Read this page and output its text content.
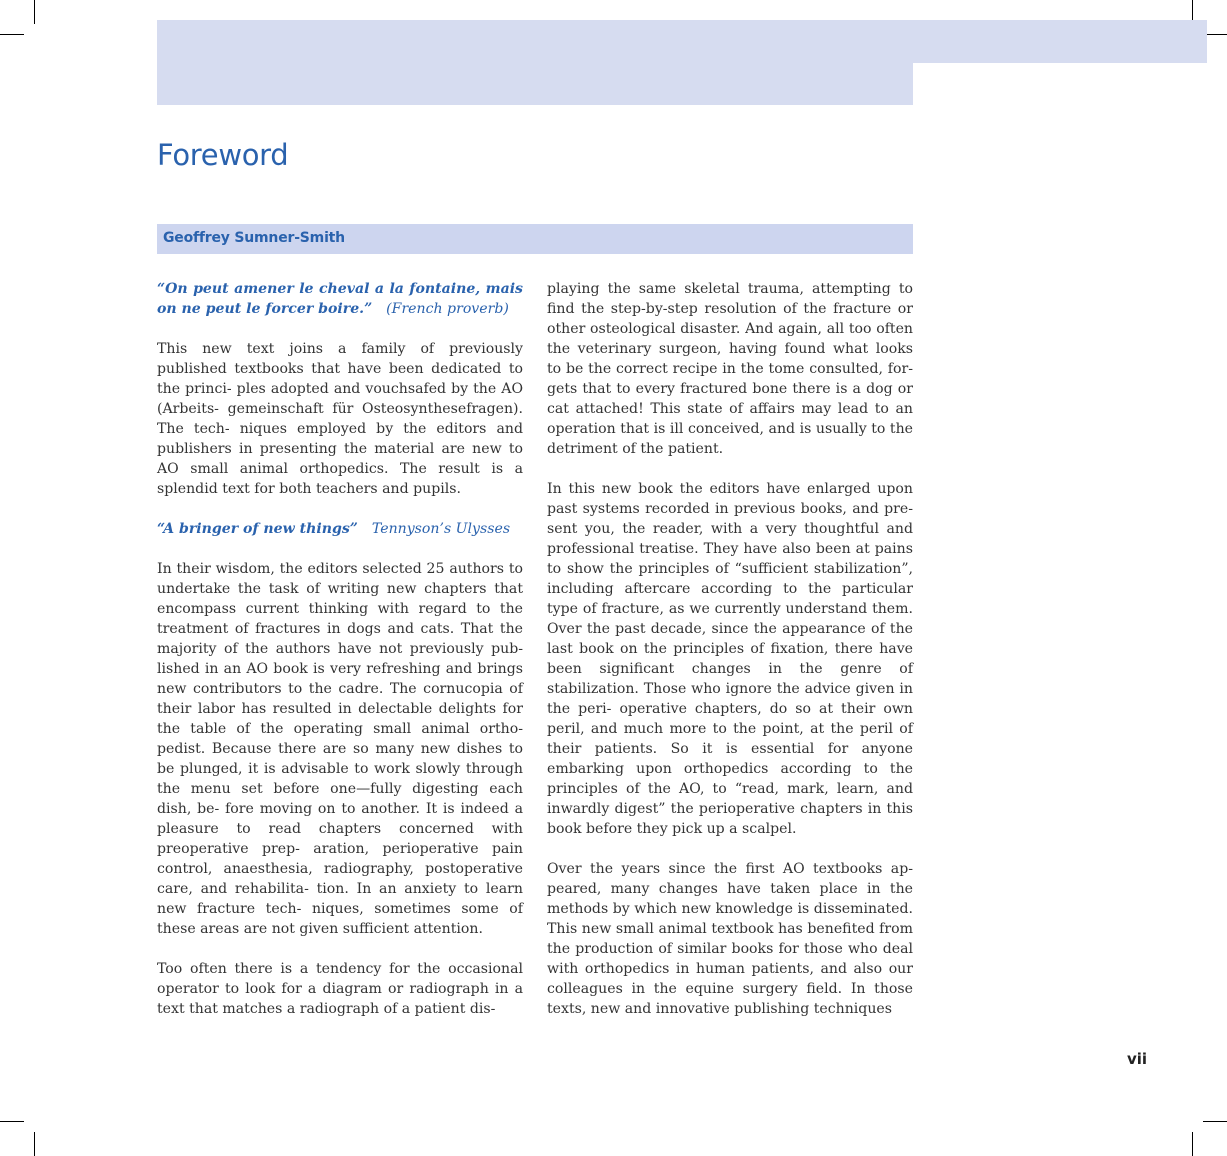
Foreword
Geoffrey Sumner-Smith

“On peut amener le cheval a la fontaine, mais on ne peut le forcer boire.” (French proverb)

This new text joins a family of previously published textbooks that have been dedicated to the princi- ples adopted and vouchsafed by the AO (Arbeits- gemeinschaft für Osteosynthesefragen). The tech- niques employed by the editors and publishers in presenting the material are new to AO small animal orthopedics. The result is a splendid text for both teachers and pupils.

“A bringer of new things” Tennyson’s Ulysses

In their wisdom, the editors selected 25 authors to undertake the task of writing new chapters that encompass current thinking with regard to the treatment of fractures in dogs and cats. That the majority of the authors have not previously pub- lished in an AO book is very refreshing and brings new contributors to the cadre. The cornucopia of their labor has resulted in delectable delights for the table of the operating small animal ortho- pedist. Because there are so many new dishes to be plunged, it is advisable to work slowly through the menu set before one—fully digesting each dish, be- fore moving on to another. It is indeed a pleasure to read chapters concerned with preoperative prep- aration, perioperative pain control, anaesthesia, radiography, postoperative care, and rehabilita- tion. In an anxiety to learn new fracture tech- niques, sometimes some of these areas are not given sufficient attention.

Too often there is a tendency for the occasional operator to look for a diagram or radiograph in a text that matches a radiograph of a patient dis-

playing the same skeletal trauma, attempting to find the step-by-step resolution of the fracture or other osteological disaster. And again, all too often the veterinary surgeon, having found what looks to be the correct recipe in the tome consulted, for- gets that to every fractured bone there is a dog or cat attached! This state of affairs may lead to an operation that is ill conceived, and is usually to the detriment of the patient.

In this new book the editors have enlarged upon past systems recorded in previous books, and pre- sent you, the reader, with a very thoughtful and professional treatise. They have also been at pains to show the principles of “sufficient stabilization”, including aftercare according to the particular type of fracture, as we currently understand them. Over the past decade, since the appearance of the last book on the principles of fixation, there have been significant changes in the genre of stabilization. Those who ignore the advice given in the peri- operative chapters, do so at their own peril, and much more to the point, at the peril of their patients. So it is essential for anyone embarking upon orthopedics according to the principles of the AO, to “read, mark, learn, and inwardly digest” the perioperative chapters in this book before they pick up a scalpel.

Over the years since the first AO textbooks ap- peared, many changes have taken place in the methods by which new knowledge is disseminated. This new small animal textbook has benefited from the production of similar books for those who deal with orthopedics in human patients, and also our colleagues in the equine surgery field. In those texts, new and innovative publishing techniques

vii
